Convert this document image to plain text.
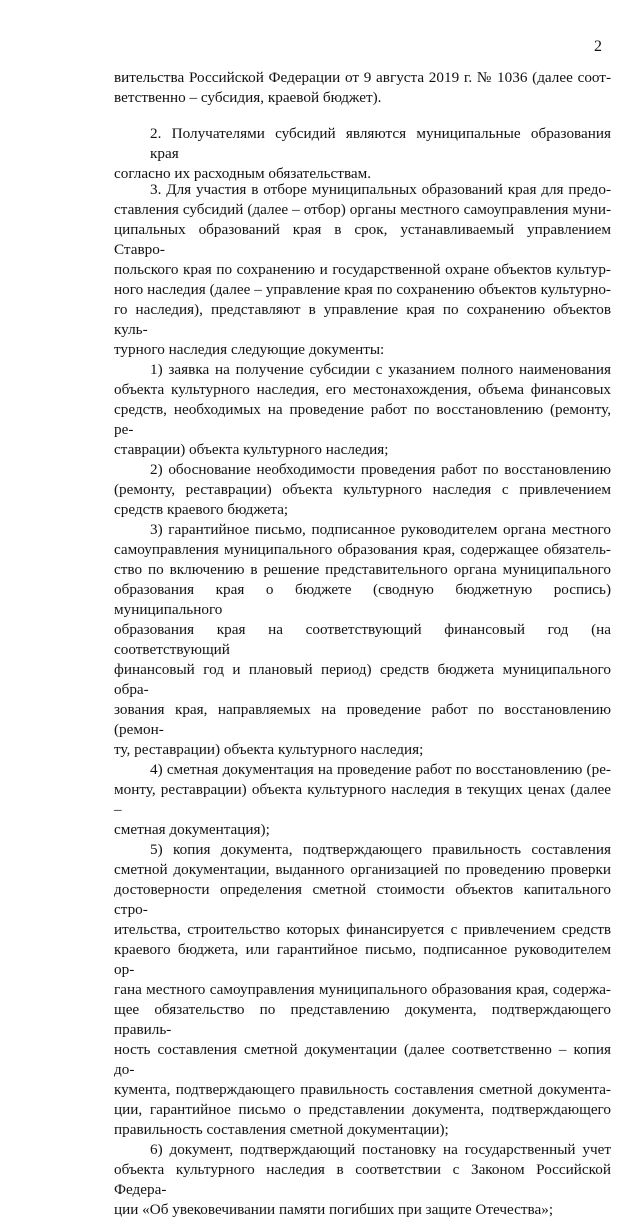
2
вительства Российской Федерации от 9 августа 2019 г. № 1036 (далее соот-
ветственно – субсидия, краевой бюджет).
2. Получателями субсидий являются муниципальные образования края
согласно их расходным обязательствам.
3. Для участия в отборе муниципальных образований края для предо-
ставления субсидий (далее – отбор) органы местного самоуправления муни-
ципальных образований края в срок, устанавливаемый управлением Ставро-
польского края по сохранению и государственной охране объектов культур-
ного наследия (далее – управление края по сохранению объектов культурно-
го наследия), представляют в управление края по сохранению объектов куль-
турного наследия следующие документы:
1) заявка на получение субсидии с указанием полного наименования
объекта культурного наследия, его местонахождения, объема финансовых
средств, необходимых на проведение работ по восстановлению (ремонту, ре-
ставрации) объекта культурного наследия;
2) обоснование необходимости проведения работ по восстановлению
(ремонту, реставрации) объекта культурного наследия с привлечением
средств краевого бюджета;
3) гарантийное письмо, подписанное руководителем органа местного
самоуправления муниципального образования края, содержащее обязатель-
ство по включению в решение представительного органа муниципального
образования края о бюджете (сводную бюджетную роспись) муниципального
образования края на соответствующий финансовый год (на соответствующий
финансовый год и плановый период) средств бюджета муниципального обра-
зования края, направляемых на проведение работ по восстановлению (ремон-
ту, реставрации) объекта культурного наследия;
4) сметная документация на проведение работ по восстановлению (ре-
монту, реставрации) объекта культурного наследия в текущих ценах (далее –
сметная документация);
5) копия документа, подтверждающего правильность составления
сметной документации, выданного организацией по проведению проверки
достоверности определения сметной стоимости объектов капитального стро-
ительства, строительство которых финансируется с привлечением средств
краевого бюджета, или гарантийное письмо, подписанное руководителем ор-
гана местного самоуправления муниципального образования края, содержа-
щее обязательство по представлению документа, подтверждающего правиль-
ность составления сметной документации (далее соответственно – копия до-
кумента, подтверждающего правильность составления сметной документа-
ции, гарантийное письмо о представлении документа, подтверждающего
правильность составления сметной документации);
6) документ, подтверждающий постановку на государственный учет
объекта культурного наследия в соответствии с Законом Российской Федера-
ции «Об увековечивании памяти погибших при защите Отечества»;
